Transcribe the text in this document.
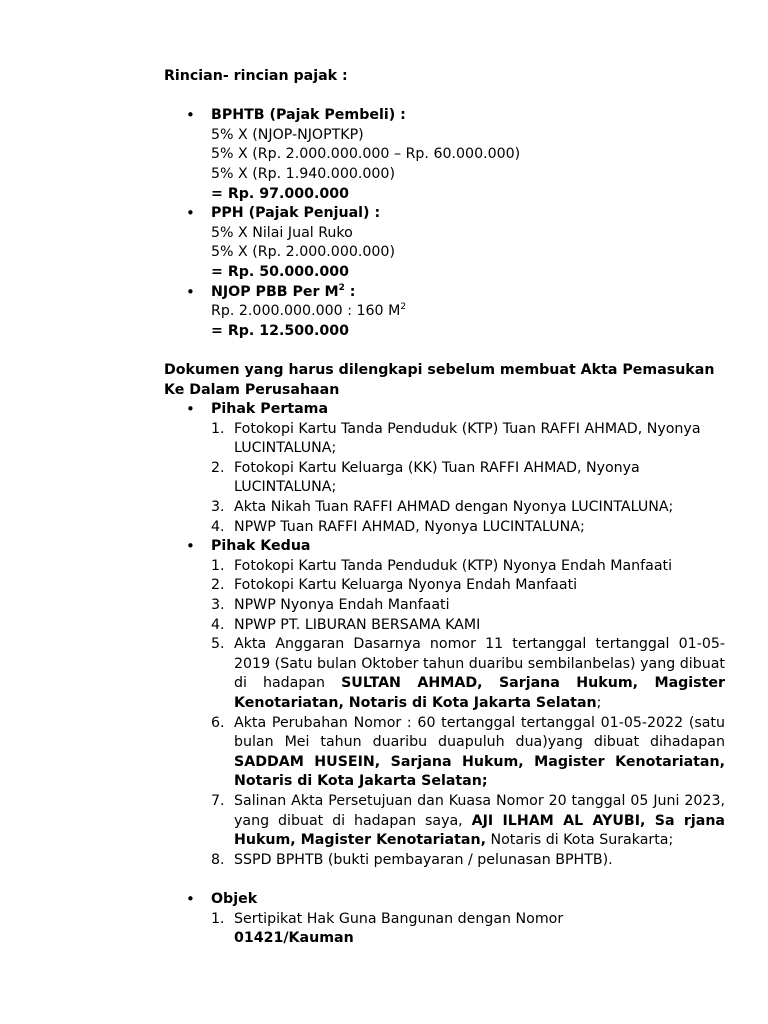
Rincian- rincian pajak :
• BPHTB (Pajak Pembeli) :
5% X (NJOP-NJOPTKP)
5% X (Rp. 2.000.000.000 – Rp. 60.000.000)
5% X (Rp. 1.940.000.000)
= Rp. 97.000.000
• PPH (Pajak Penjual) :
5% X Nilai Jual Ruko
5% X (Rp. 2.000.000.000)
= Rp. 50.000.000
• NJOP PBB Per $M^2$ :
Rp. 2.000.000.000 : 160 $M^2$
= Rp. 12.500.000
Dokumen yang harus dilengkapi sebelum membuat Akta Pemasukan Ke Dalam Perusahaan
• Pihak Pertama
1. Fotokopi Kartu Tanda Penduduk (KTP) Tuan RAFFI AHMAD, Nyonya LUCINTALUNA;
2. Fotokopi Kartu Keluarga (KK) Tuan RAFFI AHMAD, Nyonya LUCINTALUNA;
3. Akta Nikah Tuan RAFFI AHMAD dengan Nyonya LUCINTALUNA;
4. NPWP Tuan RAFFI AHMAD, Nyonya LUCINTALUNA;
• Pihak Kedua
1. Fotokopi Kartu Tanda Penduduk (KTP) Nyonya Endah Manfaati
2. Fotokopi Kartu Keluarga Nyonya Endah Manfaati
3. NPWP Nyonya Endah Manfaati
4. NPWP PT. LIBURAN BERSAMA KAMI
5. Akta Anggaran Dasarnya nomor 11 tertanggal tertanggal 01-05-2019 (Satu bulan Oktober tahun duaribu sembilanbelas) yang dibuat di hadapan SULTAN AHMAD, Sarjana Hukum, Magister Kenotariatan, Notaris di Kota Jakarta Selatan;
6. Akta Perubahan Nomor : 60 tertanggal tertanggal 01-05-2022 (satu bulan Mei tahun duaribu duapuluh dua)yang dibuat dihadapan SADDAM HUSEIN, Sarjana Hukum, Magister Kenotariatan, Notaris di Kota Jakarta Selatan;
7. Salinan Akta Persetujuan dan Kuasa Nomor 20 tanggal 05 Juni 2023, yang dibuat di hadapan saya, AJI ILHAM AL AYUBI, Sa rjana Hukum, Magister Kenotariatan, Notaris di Kota Surakarta;
8. SSPD BPHTB (bukti pembayaran / pelunasan BPHTB).
• Objek
1. Sertipikat Hak Guna Bangunan dengan Nomor
01421/Kauman
